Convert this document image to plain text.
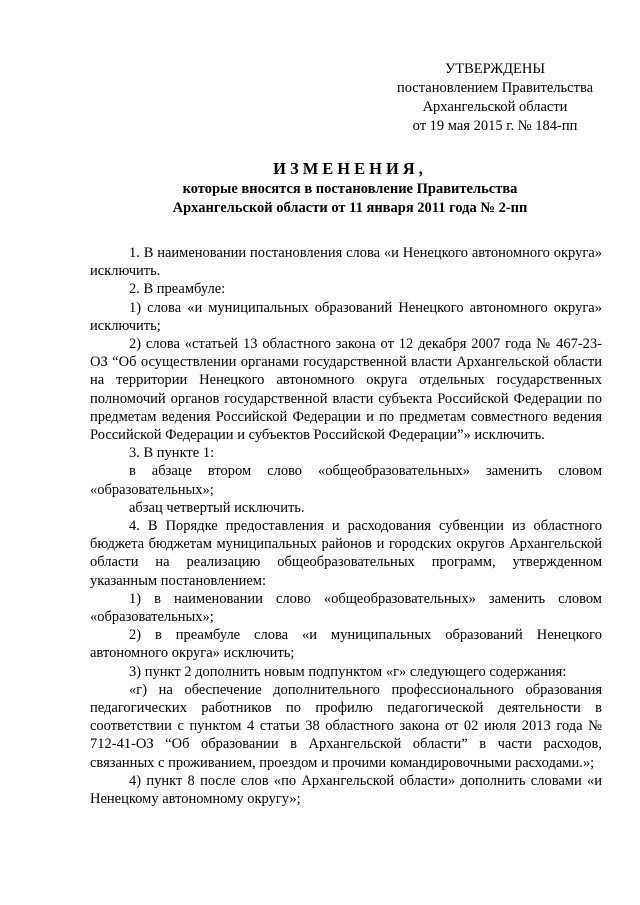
УТВЕРЖДЕНЫ
постановлением Правительства
Архангельской области
от 19 мая 2015 г. № 184-пп
ИЗМЕНЕНИЯ,
которые вносятся в постановление Правительства
Архангельской области от 11 января 2011 года № 2-пп

1. В наименовании постановления слова «и Ненецкого автономного округа» исключить.

2. В преамбуле:

1) слова «и муниципальных образований Ненецкого автономного округа» исключить;

2) слова «статьей 13 областного закона от 12 декабря 2007 года № 467-23-ОЗ “Об осуществлении органами государственной власти Архангельской области на территории Ненецкого автономного округа отдельных государственных полномочий органов государственной власти субъекта Российской Федерации по предметам ведения Российской Федерации и по предметам совместного ведения Российской Федерации и субъектов Российской Федерации”» исключить.

3. В пункте 1:

в абзаце втором слово «общеобразовательных» заменить словом «образовательных»;

абзац четвертый исключить.

4. В Порядке предоставления и расходования субвенции из областного бюджета бюджетам муниципальных районов и городских округов Архангельской области на реализацию общеобразовательных программ, утвержденном указанным постановлением:

1) в наименовании слово «общеобразовательных» заменить словом «образовательных»;

2) в преамбуле слова «и муниципальных образований Ненецкого автономного округа» исключить;

3) пункт 2 дополнить новым подпунктом «г» следующего содержания:

«г) на обеспечение дополнительного профессионального образования педагогических работников по профилю педагогической деятельности в соответствии с пунктом 4 статьи 38 областного закона от 02 июля 2013 года № 712-41-ОЗ “Об образовании в Архангельской области” в части расходов, связанных с проживанием, проездом и прочими командировочными расходами.»;

4) пункт 8 после слов «по Архангельской области» дополнить словами «и Ненецкому автономному округу»;
